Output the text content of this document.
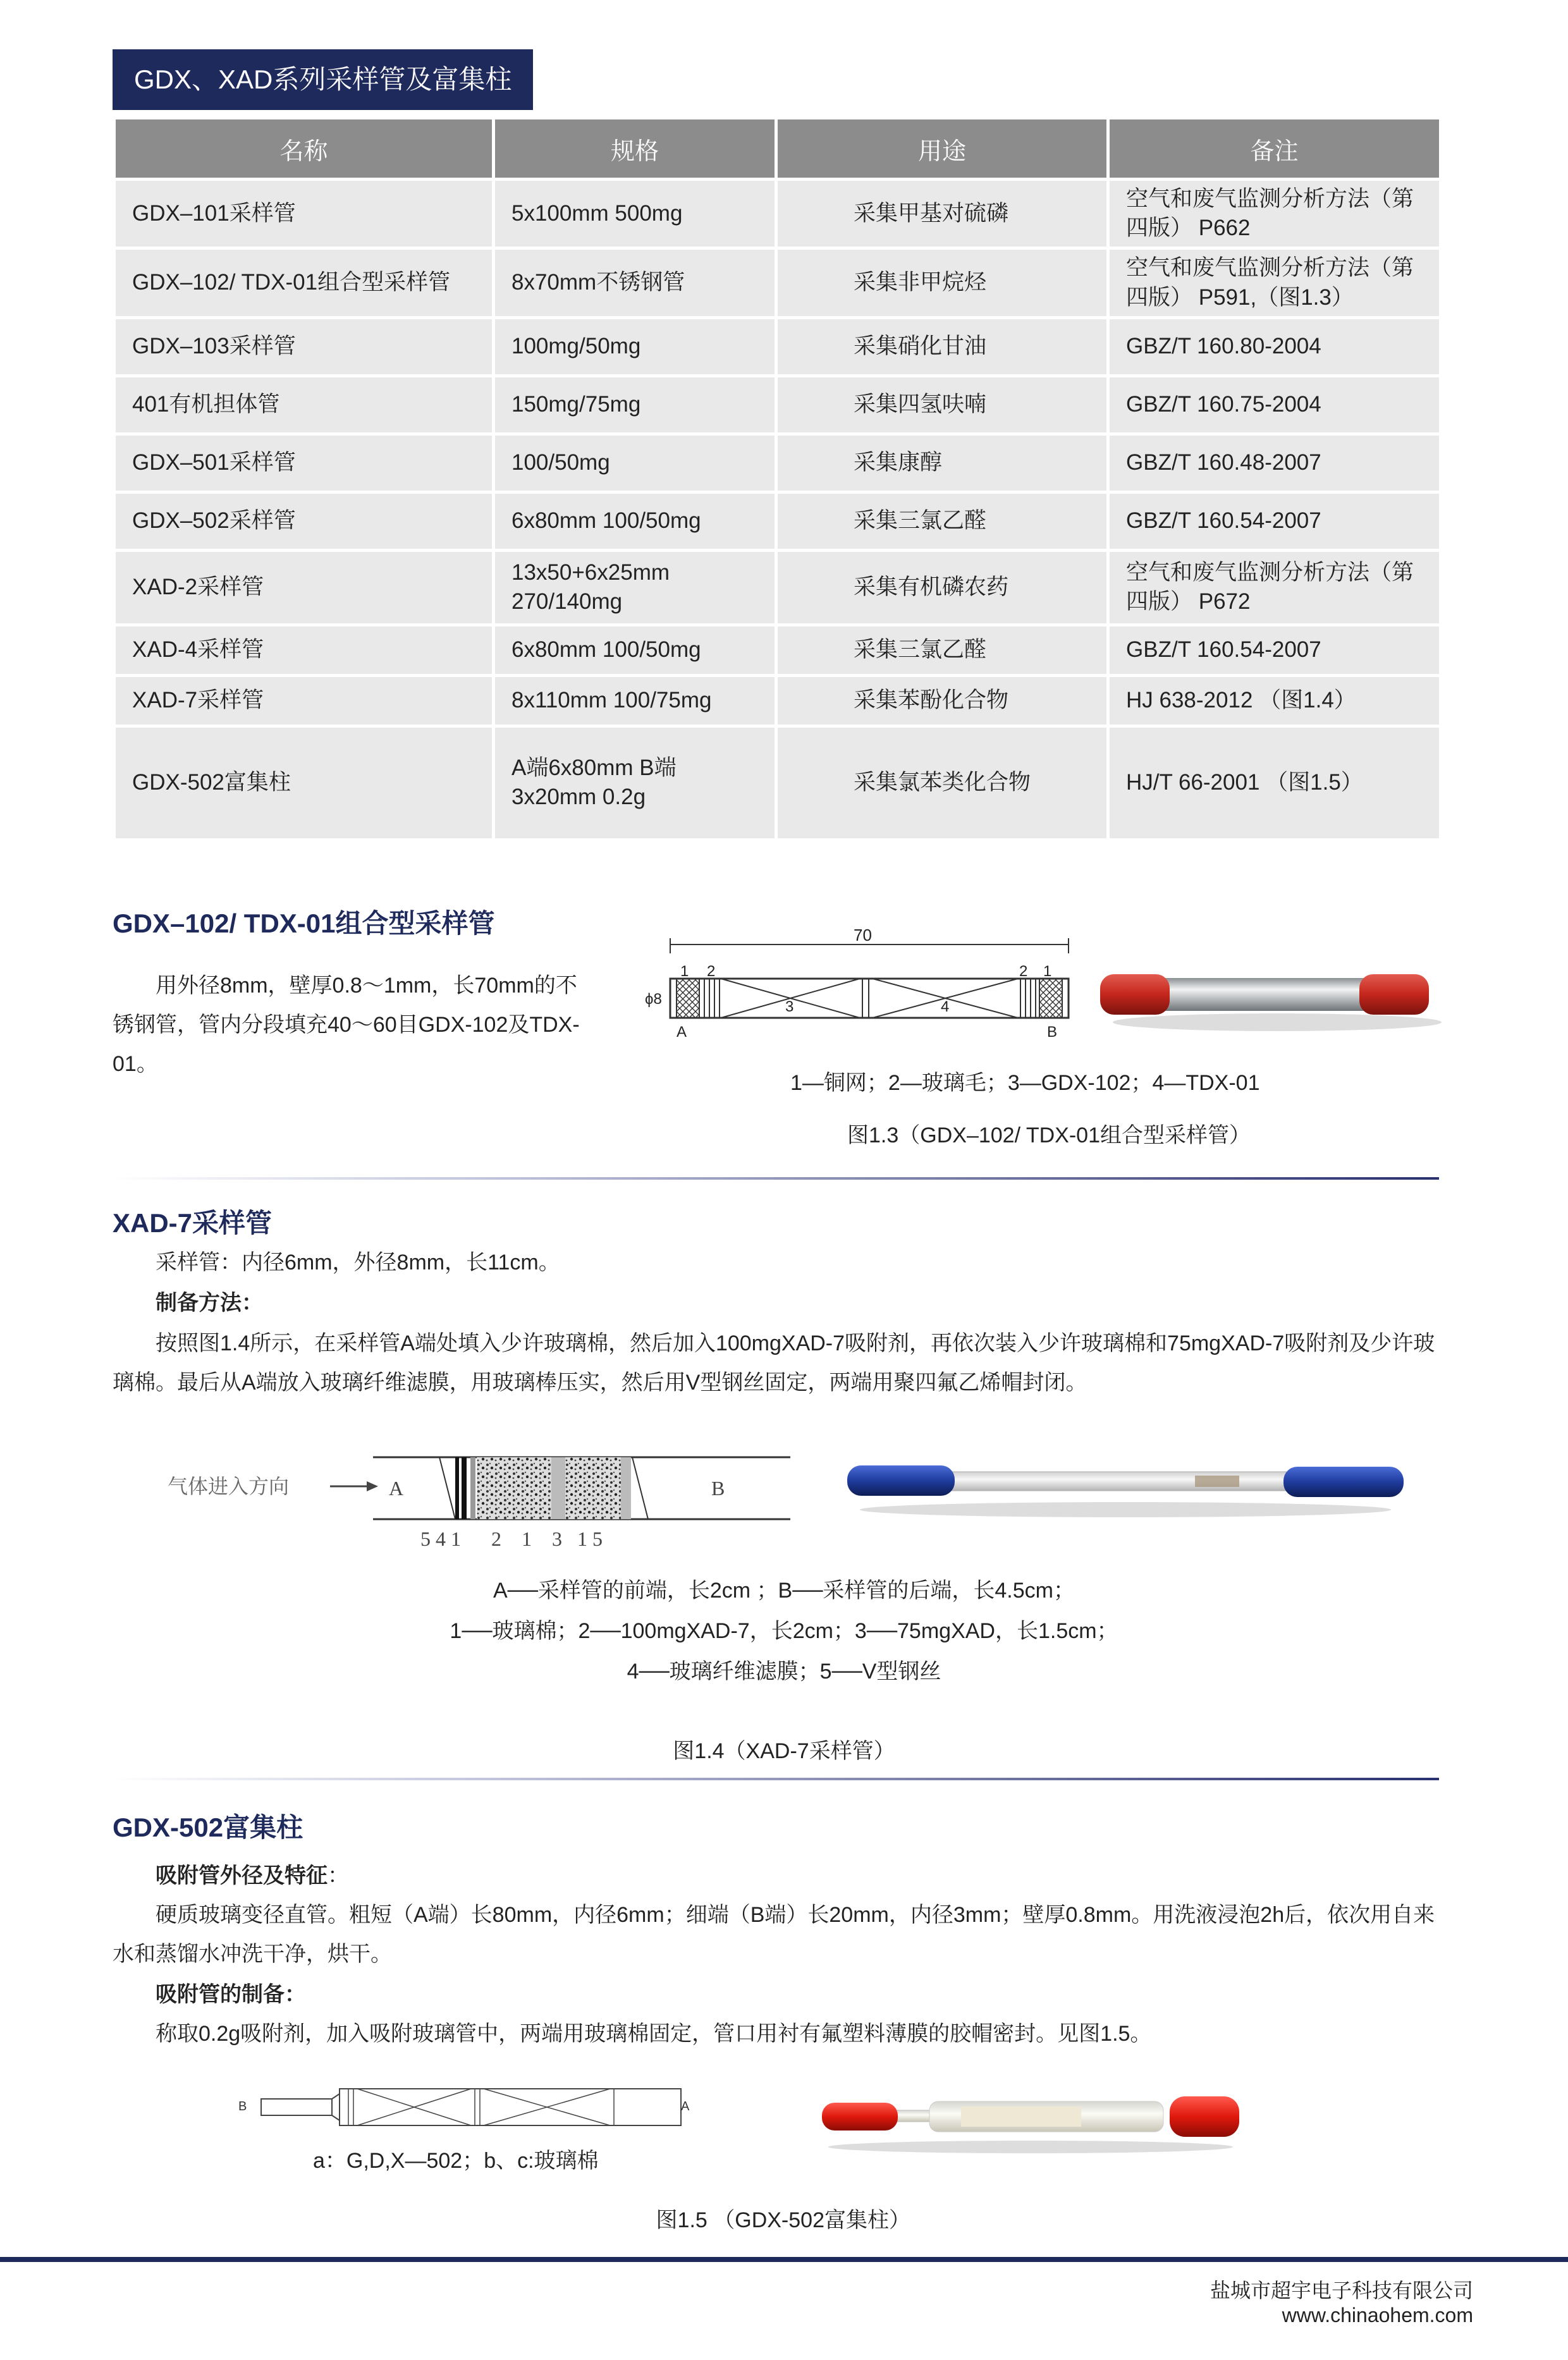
GDX、XAD系列采样管及富集柱
名称	规格	用途	备注
GDX–101采样管	5x100mm 500mg	采集甲基对硫磷	空气和废气监测分析方法（第四版） P662
GDX–102/ TDX-01组合型采样管	8x70mm不锈钢管	采集非甲烷烃	空气和废气监测分析方法（第四版） P591,（图1.3）
GDX–103采样管	100mg/50mg	采集硝化甘油	GBZ/T 160.80-2004
401有机担体管	150mg/75mg	采集四氢呋喃	GBZ/T 160.75-2004
GDX–501采样管	100/50mg	采集康醇	GBZ/T 160.48-2007
GDX–502采样管	6x80mm 100/50mg	采集三氯乙醛	GBZ/T 160.54-2007
XAD-2采样管	13x50+6x25mm 270/140mg	采集有机磷农药	空气和废气监测分析方法（第四版） P672
XAD-4采样管	6x80mm 100/50mg	采集三氯乙醛	GBZ/T 160.54-2007
XAD-7采样管	8x110mm 100/75mg	采集苯酚化合物	HJ 638-2012 （图1.4）
GDX-502富集柱	A端6x80mm B端3x20mm 0.2g	采集氯苯类化合物	HJ/T 66-2001 （图1.5）
GDX–102/ TDX-01组合型采样管
用外径8mm，壁厚0.8～1mm，长70mm的不锈钢管，管内分段填充40～60目GDX-102及TDX-01。
70
ϕ8
1 2
3	4
2 1
A	B
1—铜网；2—玻璃毛；3—GDX-102；4—TDX-01
图1.3（GDX–102/ TDX-01组合型采样管）
XAD-7采样管
采样管：内径6mm，外径8mm，长11cm。
制备方法：
按照图1.4所示，在采样管A端处填入少许玻璃棉，然后加入100mgXAD-7吸附剂，再依次装入少许玻璃棉和75mgXAD-7吸附剂及少许玻璃棉。最后从A端放入玻璃纤维滤膜，用玻璃棒压实，然后用V型钢丝固定，两端用聚四氟乙烯帽封闭。
气体进入方向	A	B
5 4 1      2    1    3   1 5
A──采样管的前端，长2cm ；B──采样管的后端，长4.5cm；
1──玻璃棉；2──100mgXAD-7，长2cm；3──75mgXAD，长1.5cm；
4──玻璃纤维滤膜；5──V型钢丝
图1.4（XAD-7采样管）
GDX-502富集柱
吸附管外径及特征：
硬质玻璃变径直管。粗短（A端）长80mm，内径6mm；细端（B端）长20mm，内径3mm；壁厚0.8mm。用洗液浸泡2h后，依次用自来水和蒸馏水冲洗干净，烘干。
吸附管的制备：
称取0.2g吸附剂，加入吸附玻璃管中，两端用玻璃棉固定，管口用衬有氟塑料薄膜的胶帽密封。见图1.5。
B	A
a：G,D,X—502；b、c:玻璃棉
图1.5 （GDX-502富集柱）
盐城市超宇电子科技有限公司
www.chinaohem.com
